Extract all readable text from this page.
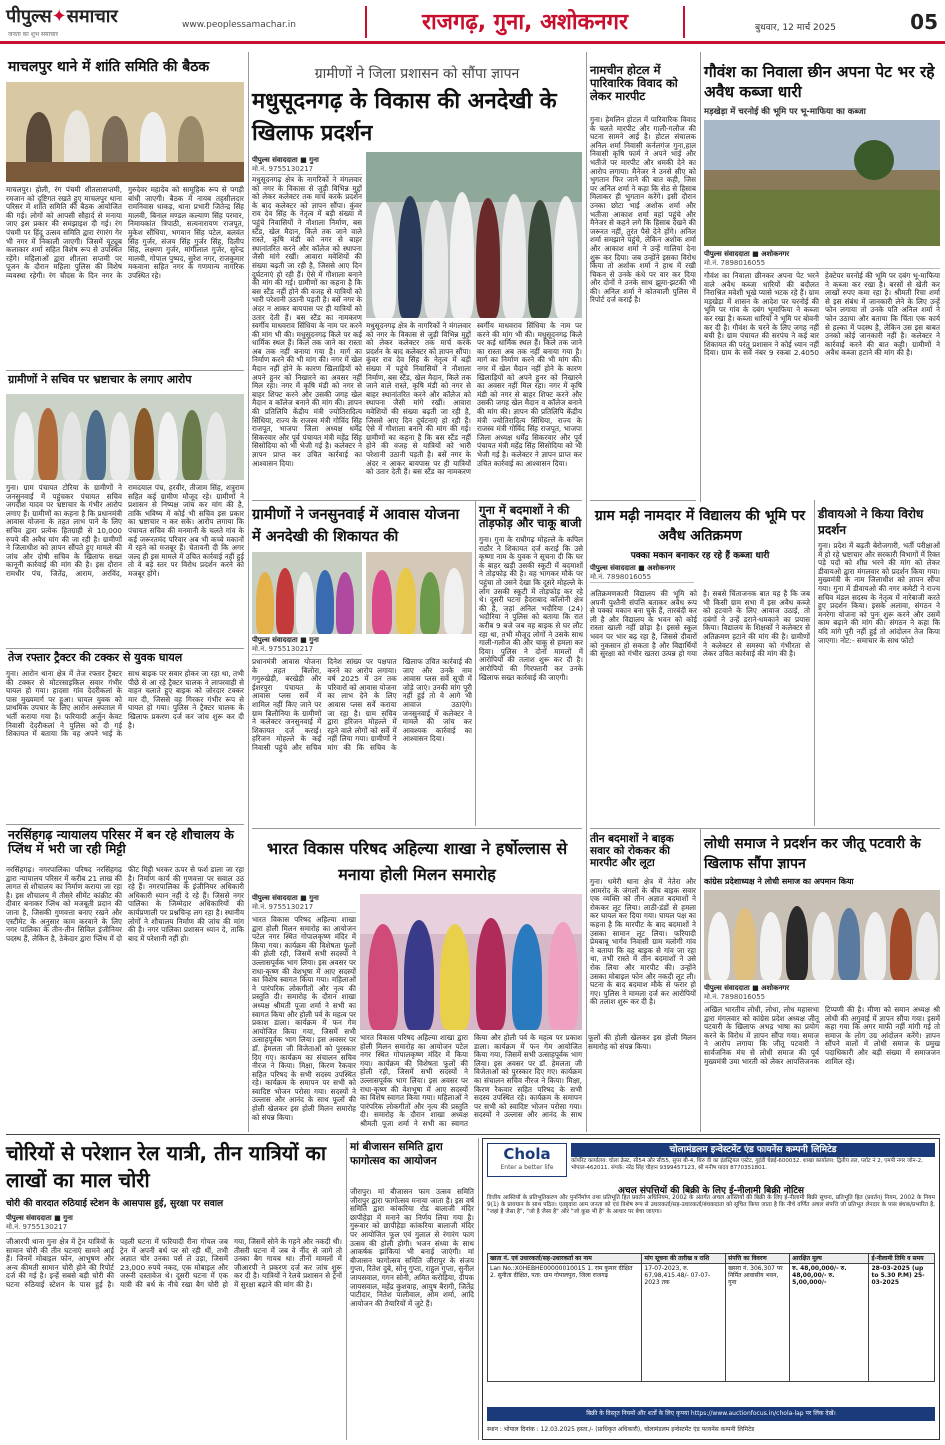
पीपुल्स✦समाचार
जनता का शुभ समाचार
www.peoplessamachar.in	राजगढ़, गुना, अशोकनगर	बुधवार, 12 मार्च 2025	05
माचलपुर थाने में शांति समिति की बैठक
माचलपुर। होली, रंग पंचमी शीतलासप्तमी, रमजान को दृष्टिगत रखते हुए माचलपुर थाना परिसर में शांति समिति की बैठक आयोजित की गई। लोगों को आपसी सौहार्द से मनाया जाए इस प्रकार की समझाइश दी गई। रंग पंचमी पर हिंदू उत्सव समिति द्वारा रंगारंग गेर भी नगर में निकाली जाएगी। जिसमें यूट्यूब कलाकार शर्मा सहित विशेष रूप से उपस्थित रहेंगे। महिलाओं द्वारा शीतला सप्तमी पर पूजन के दौरान महिला पुलिस की विशेष व्यवस्था रहेगी। रंग चौदस के दिन नगर के गुरुदेवर महादेव को सामूहिक रूप से पगड़ी बांधी जाएगी। बैठक में नायब तहसीलदार रामनिवास धाकड़, थाना प्रभारी जितेन्द्र सिंह मालवी, बिनाल मण्डल कल्याण सिंह परमार, निमायकांत त्रिपाठी, सत्यनारायण राजपूत, मुकेश सौंधिया, भगवान सिंह पटेल, बलवंत सिंह गुर्जर, संजय सिंह गुर्जर सिंह, दिलीप सिंह, लक्ष्मण गुर्जर, मांगीलाल गुर्जर, सुरेन्द्र मालवी, गोपाल पुष्पद, सुरेश नगर, राजकुमार मकवाना सहित नगर के गणमान्य नागरिक उपस्थित रहे।
ग्रामीणों ने सचिव पर भ्रष्टाचार के लगाए आरोप
गुना। ग्राम पंचायत टोरिया के ग्रामीणों ने जनसुनवाई में पहुंचकर पंचायत सचिव जगदीश यादव पर भ्रष्टाचार के गंभीर आरोप लगाए हैं। ग्रामीणों का कहना है कि प्रधानमंत्री आवास योजना के तहत लाभ पाने के लिए सचिव द्वारा प्रत्येक हितग्राही से 10,000 रुपये की अवैध मांग की जा रही है। ग्रामीणों ने जिलाधीश को ज्ञापन सौंपते हुए मामले की जांच और दोषी सचिव के खिलाफ सख्त कानूनी कार्रवाई की मांग की है। इस दौरान रामधीर पंच, जितेंद्र, आराम, अरविंद, रामदयाल पंच, हरवीर, तीजाम सिंह, शत्रुराम सहित कई ग्रामीण मौजूद रहे। ग्रामीणों ने प्रशासन से निष्पक्ष जांच कर मांग की है, ताकि भविष्य में कोई भी सचिव इस प्रकार का भ्रष्टाचार न कर सके। आरोप लगाया कि पंचायत सचिव की मनमानी के चलते गांव के कई जरूरतमंद परिवार अब भी कच्चे मकानों में रहने को मजबूर हैं। चेतावनी दी कि अगर जल्द ही इस मामले में उचित कार्रवाई नहीं हुई तो वे बड़े स्तर पर विरोध प्रदर्शन करने को मजबूर होंगे।
तेज रफ्तार ट्रैक्टर की टक्कर से युवक घायल
गुना। आरोन थाना क्षेत्र में तेज रफ्तार ट्रैक्टर की टक्कर से मोटरसाइकिल सवार गंभीर घायल हो गया। हादसा गांव देदरीकलां के पास मुख्यमार्ग पर हुआ। घायल युवक को प्राथमिक उपचार के लिए आरोन अस्पताल में भर्ती कराया गया है। फरियादी अर्जुन केवट निवासी देदरीकलां ने पुलिस को दी गई शिकायत में बताया कि वह अपने भाई के साथ बाइक पर सवार होकर जा रहा था, तभी पीछे से आ रहे ट्रैक्टर चालक ने लापरवाही से वाहन चलाते हुए बाइक को जोरदार टक्कर मार दी, जिससे वह गिरकर गंभीर रूप से घायल हो गया। पुलिस ने ट्रैक्टर चालक के खिलाफ प्रकरण दर्ज कर जांच शुरू कर दी है।
नरसिंहगढ़ न्यायालय परिसर में बन रहे शौचालय के प्लिंथ में भरी जा रही मिट्टी
नरसिंहगढ़। नगरपालिका परिषद नरसिंहगढ़ द्वारा न्यायालय परिसर में करीब 21 लाख की लागत से शौचालय का निर्माण कराया जा रहा है। इस शौचालय में तीसरे सीमेंट कांक्रीट की दीवार बनाकर प्लिंथ को मजबूती प्रदान की जाना है, जिसकी गुणवत्ता बनाए रखने और एस्टीमेट के अनुसार काम करवाने के लिए नगर पालिका के तीन-तीन सिविल इंजीनियर पदस्थ हैं, लेकिन है, ठेकेदार द्वारा प्लिंथ में दो फीट मिट्टी भरकर ऊपर से फर्श डाला जा रहा है। निर्माण कार्य की गुणवत्ता पर सवाल उठ रहे हैं। नगरपालिका के इंजीनियर अधिकारी अधिकारी ध्यान नहीं दे रहे हैं। जिससे नगर पालिका के जिम्मेदार अधिकारियों की कार्यप्रणाली पर प्रश्नचिन्ह लग रहा है। स्थानीय लोगों ने शौचालय निर्माण की जांच की मांग की है। नगर पालिका प्रशासन ध्यान दे, ताकि बाद में परेशानी नहीं हो।
ग्रामीणों ने जिला प्रशासन को सौंपा ज्ञापन
मधुसूदनगढ़ के विकास की अनदेखी के खिलाफ प्रदर्शन
पीपुल्स संवाददाता ■ गुना
मो.नं. 9755130217
मधुसूदनगढ़ क्षेत्र के नागरिकों ने मंगलवार को नगर के विकास से जुड़ी विभिन्न मुद्दों को लेकर कलेक्टर तक मार्च करके प्रदर्शन के बाद कलेक्टर को ज्ञापन सौंपा। कुंवर राव देव सिंह के नेतृत्व में बड़ी संख्या में पहुंचे निवासियों ने नौशाला निर्माण, बस स्टैंड, खेल मैदान, किले तक जाने वाले रास्ते, कृषि मंडी को नगर से बाहर स्थानांतरित करने और कॉलेज को स्थापना जैसी मांगे रखीं। आवारा मवेशियों की संख्या बढ़ती जा रही है, जिससे आए दिन दुर्घटनाएं हो रही हैं। ऐसे में गौशाला बनाने की मांग की गई। ग्रामीणों का कहना है कि बस स्टैंड नहीं होने की वजह से यात्रियों को भारी परेशानी उठानी पड़ती है। बसें नगर के अंदर न आकर बायपास पर ही यात्रियों को उतार देती हैं। बस स्टैंड का नामकरण स्वर्गीय माधवराव सिंधिया के नाम पर करने की मांग भी की। मधुसूदनगढ़ किले पर कई धार्मिक स्थल हैं। किले तक जाने का रास्ता अब तक नहीं बनाया गया है। मार्ग का निर्माण करने की भी मांग की। नगर में खेल मैदान नहीं होने के कारण खिलाड़ियों को अपने हुनर को निखारने का अवसर नहीं मिल रहा। नगर में कृषि मंडी को नगर से बाहर शिफ्ट करने और उसकी जगह खेल मैदान व कॉलेज बनाने की मांग की। ज्ञापन की प्रतिलिपि केंद्रीय मंत्री ज्योतिरादित्य सिंधिया, राज्य के राजस्व मंत्री गोविंद सिंह राजपूत, भाजपा जिला अध्यक्ष धर्मेंद्र सिकरवार और पूर्व पंचायत मंत्री महेंद्र सिंह सिसोदिया को भी भेजी गई है। कलेक्टर ने ज्ञापन प्राप्त कर उचित कार्रवाई का आश्वासन दिया।
मधुसूदनगढ़ क्षेत्र के नागरिकों ने मंगलवार को नगर के विकास से जुड़ी विभिन्न मुद्दों को लेकर कलेक्टर तक मार्च करके प्रदर्शन के बाद कलेक्टर को ज्ञापन सौंपा। कुंवर राव देव सिंह के नेतृत्व में बड़ी संख्या में पहुंचे निवासियों ने नौशाला निर्माण, बस स्टैंड, खेल मैदान, किले तक जाने वाले रास्ते, कृषि मंडी को नगर से बाहर स्थानांतरित करने और कॉलेज को स्थापना जैसी मांगे रखीं। आवारा मवेशियों की संख्या बढ़ती जा रही है, जिससे आए दिन दुर्घटनाएं हो रही हैं। ऐसे में गौशाला बनाने की मांग की गई। ग्रामीणों का कहना है कि बस स्टैंड नहीं होने की वजह से यात्रियों को भारी परेशानी उठानी पड़ती है। बसें नगर के अंदर न आकर बायपास पर ही यात्रियों को उतार देती हैं। बस स्टैंड का नामकरण स्वर्गीय माधवराव सिंधिया के नाम पर करने की मांग भी की। मधुसूदनगढ़ किले पर कई धार्मिक स्थल हैं। किले तक जाने का रास्ता अब तक नहीं बनाया गया है। मार्ग का निर्माण करने की भी मांग की। नगर में खेल मैदान नहीं होने के कारण खिलाड़ियों को अपने हुनर को निखारने का अवसर नहीं मिल रहा। नगर में कृषि मंडी को नगर से बाहर शिफ्ट करने और उसकी जगह खेल मैदान व कॉलेज बनाने की मांग की। ज्ञापन की प्रतिलिपि केंद्रीय मंत्री ज्योतिरादित्य सिंधिया, राज्य के राजस्व मंत्री गोविंद सिंह राजपूत, भाजपा जिला अध्यक्ष धर्मेंद्र सिकरवार और पूर्व पंचायत मंत्री महेंद्र सिंह सिसोदिया को भी भेजी गई है। कलेक्टर ने ज्ञापन प्राप्त कर उचित कार्रवाई का आश्वासन दिया।
ग्रामीणों ने जनसुनवाई में आवास योजना में अनदेखी की शिकायत की
पीपुल्स संवाददाता ■ गुना
मो.नं. 9755130217
प्रधानमंत्री आवास योजना के तहत बिलोरा, गगुरुखेड़ी, बरखेड़ी और ईशरपुरा पंचायत के आवास प्लस सर्वे में शामिल नहीं किए जाने पर ग्राम बिलौनिया के ग्रामीणों ने कलेक्टर जनसुनवाई में शिकायत दर्ज कराई। हरिजन मोहल्ले के कई निवासी पहुंचे और सचिव दिनेश सांख्य पर पक्षपात करने का आरोप लगाया। वर्ष 2025 में उन तक परिवारों को आवास योजना का लाभ देने के लिए आवास प्लस सर्वे कराया जा रहा है। ग्राम सचिव द्वारा हरिजन मोहल्ले में रहने वाले लोगों को सर्वे में नहीं लिया गया। ग्रामीणों ने मांग की कि सचिव के खिलाफ उचित कार्रवाई की जाए और उनके नाम आवास प्लस सर्वे सूची में जोड़े जाएं। उनकी मांग पूरी नहीं हुई तो वे आगे भी आवाज उठाएंगे। जनसुनवाई में कलेक्टर ने मामले की जांच कर आवश्यक कार्रवाई का आश्वासन दिया।
गुना में बदमाशों ने की तोड़फोड़ और चाकू बाजी
गुना। गुना के राघौगढ़ मोहल्ले के कपिल राठौर ने शिकायत दर्ज कराई कि उसे कृष्णा नाम के युवक ने सूचना दी कि घर के बाहर खड़ी उसकी स्कूटी में बदमाशों ने तोड़फोड़ की है। वह भागकर मौके पर पहुंचा तो उसने देखा कि दूसरे मोहल्ले के लोग उसकी स्कूटी में तोड़फोड़ कर रहे थे। दूसरी घटना हैदराबाद कॉलोनी क्षेत्र की है, जहां अनिल भदौरिया (24) भदौरिया ने पुलिस को बताया कि रात करीब 9 बजे जब वह बाइक से घर लौट रहा था, तभी मौजूद लोगों ने उसके साथ गाली-गलौज की और चाकू से हमला कर दिया। पुलिस ने दोनों मामलों में आरोपियों की तलाश शुरू कर दी है। आरोपियों की गिरफ्तारी कर उनके खिलाफ सख्त कार्रवाई की जाएगी।
भारत विकास परिषद अहिल्या शाखा ने हर्षोल्लास से मनाया होली मिलन समारोह
पीपुल्स संवाददाता ■ गुना
मो.नं. 9755130217
भारत विकास परिषद अहिल्या शाखा द्वारा होली मिलन समारोह का आयोजन पटेल नगर स्थित गोपालकृष्ण मंदिर में किया गया। कार्यक्रम की विशेषता फूलों की होली रही, जिसमें सभी सदस्यों ने उल्लासपूर्वक भाग लिया। इस अवसर पर राधा-कृष्ण की वेशभूषा में आए सदस्यों का विशेष स्वागत किया गया। महिलाओं ने पारंपरिक लोकगीतों और नृत्य की प्रस्तुति दी। समारोह के दौरान शाखा अध्यक्ष श्रीमती पूजा शर्मा ने सभी का स्वागत किया और होली पर्व के महत्व पर प्रकाश डाला। कार्यक्रम में फन गेम आयोजित किया गया, जिसमें सभी उत्साहपूर्वक भाग लिया। इस अवसर पर डॉ. हेमलता जी विजेताओं को पुरस्कार दिए गए। कार्यक्रम का संचालन सचिव नीरज ने किया। मिक्षा, किरण रैकवार सहित परिषद के सभी सदस्य उपस्थित रहे। कार्यक्रम के समापन पर सभी को स्वादिष्ट भोजन परोसा गया। सदस्यों ने उल्लास और आनंद के साथ फूलों की होली खेलकर इस होली मिलन समारोह को संपन्न किया।
भारत विकास परिषद अहिल्या शाखा द्वारा होली मिलन समारोह का आयोजन पटेल नगर स्थित गोपालकृष्ण मंदिर में किया गया। कार्यक्रम की विशेषता फूलों की होली रही, जिसमें सभी सदस्यों ने उल्लासपूर्वक भाग लिया। इस अवसर पर राधा-कृष्ण की वेशभूषा में आए सदस्यों का विशेष स्वागत किया गया। महिलाओं ने पारंपरिक लोकगीतों और नृत्य की प्रस्तुति दी। समारोह के दौरान शाखा अध्यक्ष श्रीमती पूजा शर्मा ने सभी का स्वागत किया और होली पर्व के महत्व पर प्रकाश डाला। कार्यक्रम में फन गेम आयोजित किया गया, जिसमें सभी उत्साहपूर्वक भाग लिया। इस अवसर पर डॉ. हेमलता जी विजेताओं को पुरस्कार दिए गए। कार्यक्रम का संचालन सचिव नीरज ने किया। मिक्षा, किरण रैकवार सहित परिषद के सभी सदस्य उपस्थित रहे। कार्यक्रम के समापन पर सभी को स्वादिष्ट भोजन परोसा गया। सदस्यों ने उल्लास और आनंद के साथ फूलों की होली खेलकर इस होली मिलन समारोह को संपन्न किया।
नामचीन होटल में पारिवारिक विवाद को लेकर मारपीट
गुना। हेमलिन होटल में पारिवारिक विवाद के चलते मारपीट और गाली-गलौज की घटना सामने आई है। होटल संचालक अनिल शर्मा निवासी कर्नलगंज गुना,हाल निवासी कृषि फार्म ने अपने भाई और भतीजे पर मारपीट और धमकी देने का आरोप लगाया। मैनेजर ने उनसे सीए को भुगतान फिर जाने की बात कही, जिस पर अनिल शर्मा ने कहा कि सेठ से हिसाब मिलाकर ही भुगतान करेंगे। इसी दौरान उनका छोटा भाई अशोक शर्मा और भतीजा आकाश शर्मा वहां पहुंचे और मैनेजर से कहने लगे कि हिसाब देखने की जरूरत नहीं, तुरंत पैसे देने होंगे। अनिल शर्मा समझाने पहुंचे, लेकिन अशोक शर्मा और आकाश शर्मा ने उन्हें गालियां देना शुरू कर दिया। जब उन्होंने इसका विरोध किया तो अशोक शर्मा ने हाथ में रखी चिकन से उनके कंधे पर वार कर दिया और दोनों ने उनके साथ झूमा-झटकी भी की। अनिल शर्मा ने कोतवाली पुलिस में रिपोर्ट दर्ज कराई है।
गौवंश का निवाला छीन अपना पेट भर रहे अवैध कब्जा धारी
मड़खेड़ा में चरनोई की भूमि पर भू-माफिया का कब्जा
पीपुल्स संवाददाता ■ अशोकनगर
मो.नं. 7898016055
गौवंश का निवाला छीनकर अपना पेट भरने वाले अवैध कब्जा धारियों की बदौलत निराश्रित मवेशी भूखे प्यासे भटक रहे हैं। ग्राम मड़खेड़ा में शासन के आदेश पर चरनोई की भूमि पर गांव के दबंग भूमाफिया ने कब्जा कर रखा है। कब्जा धारियों ने भूमि पर बोवनी कर दी है। गौवंश के चरने के लिए जगह नहीं बची है। ग्राम पंचायत की सरपंच ने कई बार शिकायत की परंतु प्रशासन ने कोई ध्यान नहीं दिया। ग्राम के सर्वे नंबर 9 रकबा 2.4050 हेक्टेयर चरनोई की भूमि पर दबंग भू-माफिया ने कब्जा कर रखा है। बरसों से खेती कर लाखों रुपए कमा रहा है। श्रीमती रिचा शर्मा से इस संबंध में जानकारी लेने के लिए उन्हें फोन लगाया तो उनके पति अनिल शर्मा ने फोन उठाया और बताया कि चिंता एक कार्य से हल्का में पदस्थ है, लेकिन उस इस बाबत उनको कोई जानकारी नहीं है। कलेक्टर ने कार्रवाई करने की बात कही। ग्रामीणों ने अवैध कब्जा हटाने की मांग की है।
ग्राम मढ़ी नामदार में विद्यालय की भूमि पर अवैध अतिक्रमण
पक्का मकान बनाकर रह रहे हैं कब्जा धारी
पीपुल्स संवाददाता ■ अशोकनगर
मो.नं. 7898016055
अतिक्रमणकारी विद्यालय की भूमि को अपनी पुश्तैनी संपत्ति बताकर अवैध रूप से पक्का मकान बना चुके हैं, तारबंदी कर ली है और विद्यालय के भवन को कोई रास्ता खाली नहीं छोड़ा है। इससे स्कूल भवन पर भार बढ़ रहा है, जिससे दीवारों को नुकसान हो सकता है और विद्यार्थियों की सुरक्षा को गंभीर खतरा उत्पन्न हो गया है। सबसे चिंताजनक बात यह है कि जब भी किसी ग्राम सभा में इस अवैध कब्जे को हटवाने के लिए आवाज उठाई, तो दबंगों ने उन्हें डराने-धमकाने का प्रयास किया। विद्यालय के शिक्षकों ने कलेक्टर से अतिक्रमण हटाने की मांग की है। ग्रामीणों ने कलेक्टर से समस्या को गंभीरता से लेकर उचित कार्रवाई की मांग की है।
डीवायओ ने किया विरोध प्रदर्शन
गुना। प्रदेश में बढ़ती बेरोजगारी, भर्ती परीक्षाओं में हो रहे भ्रष्टाचार और सरकारी विभागों में रिक्त पड़े पदों को शीघ्र भरने की मांग को लेकर डीवायओ द्वारा मंगलवार को प्रदर्शन किया गया। मुख्यमंत्री के नाम जिलाधीश को ज्ञापन सौंपा गया। गुना में डीवायओ की नगर कमेटी ने राज्य सचिव मंडल सदस्य के नेतृत्व में नारेबाजी करते हुए प्रदर्शन किया। इसके अलावा, संगठन ने मनरेगा योजना को पुनः शुरू करने और उसमें काम बढ़ाने की मांग की। संगठन ने कहा कि यदि मांगे पूरी नहीं हुई तो आंदोलन तेज किया जाएगा। नोट:- समाचार के साथ फोटो
तीन बदमाशों ने बाइक सवार को रोककर की मारपीट और लूटा
गुना। धमेरी थाना क्षेत्र में नेतेरा और आमरोद के जंगलों के बीच बाइक सवार एक व्यक्ति को तीन अज्ञात बदमाशों ने रोककर लूट लिया। लाठी-डंडों से हमला कर घायल कर दिया गया। घायल पक्ष का कहना है कि मारपीट के बाद बदमाशों ने उसका सामान लूट लिया। फरियादी प्रेमबाबू भार्गव निवासी ग्राम मलोगी गांव ने बताया कि वह बाइक से गांव जा रहा था, तभी रास्ते में तीन बदमाशों ने उसे रोक लिया और मारपीट की। उन्होंने उसका मोबाइल फोन और नकदी लूट ली। घटना के बाद बदमाश मौके से फरार हो गए। पुलिस ने मामला दर्ज कर आरोपियों की तलाश शुरू कर दी है।
लोधी समाज ने प्रदर्शन कर जीतू पटवारी के खिलाफ सौंपा ज्ञापन
कांग्रेस प्रदेशाध्यक्ष ने लोधी समाज का अपमान किया
पीपुल्स संवाददाता ■ अशोकनगर
मो.नं. 7898016055
अखिल भारतीय लोधी, लोधा, लोध महासभा द्वारा मंगलवार को कांग्रेस प्रदेश अध्यक्ष जीतू पटवारी के खिलाफ अभद्र भाषा का प्रयोग करने के विरोध में ज्ञापन सौंपा गया। समाज ने आरोप लगाया कि जीतू पटवारी ने सार्वजनिक मंच से लोधी समाज की पूर्व मुख्यमंत्री उमा भारती को लेकर आपत्तिजनक टिप्पणी की है। मीणा को समान अध्यक्ष श्री लोधी की अगुवाई में ज्ञापन सौंपा गया। इसमें कहा गया कि अगर माफी नहीं मांगी गई तो समाज के लोग उग्र आंदोलन करेंगे। ज्ञापन सौंपने वालों में लोधी समाज के प्रमुख पदाधिकारी और बड़ी संख्या में समाजजन शामिल रहे।
चोरियों से परेशान रेल यात्री, तीन यात्रियों का लाखों का माल चोरी
चोरी की वारदात रुठियाई स्टेशन के आसपास हुई, सुरक्षा पर सवाल
पीपुल्स संवाददाता ■ गुना
मो.नं. 9755130217
जीआरपी थाना गुना क्षेत्र में ट्रेन यात्रियों के सामान चोरी की तीन घटनाएं सामने आई हैं। जिनमें मोबाइल फोन, आभूषण और अन्य कीमती सामान चोरी होने की रिपोर्ट दर्ज की गई है। इन्हें सबसे बड़ी चोरी की घटना रुठियाई स्टेशन के पास हुई है। पहली घटना में फरियादी रीना गोयल जब ट्रेन में अपनी बर्थ पर सो रही थीं, तभी अज्ञात चोर उनका पर्स ले उड़ा, जिसमें 23,000 रुपये नकद, एक मोबाइल और जरूरी दस्तावेज थे। दूसरी घटना में एक यात्री की बर्थ के नीचे रखा बैग चोरी हो गया, जिसमें सोने के गहने और नकदी थी। तीसरी घटना में जब वे नींद से जागे तो उनका बैग गायब था। तीनों मामलों में जीआरपी ने प्रकरण दर्ज कर जांच शुरू कर दी है। यात्रियों ने रेलवे प्रशासन से ट्रेनों में सुरक्षा बढ़ाने की मांग की है।
मां बीजासन समिति द्वारा फागोत्सव का आयोजन
जीरापुर। मां बीजासन फाग उत्सव समिति जीरापुर द्वारा फागोत्सव मनाया जाता है। इस वर्ष समिति द्वारा कांकरिया रोड बालाजी मंदिर छापीहेड़ा में मनाने का निर्णय लिया गया है। गुरूवार को छापीहेड़ा कांकरिया बालाजी मंदिर पर आयोजित फूल एवं गुलाल से रंगारंग फाग उत्सव की होली होगी। भजन संध्या के साथ आकर्षक झांकियां भी बनाई जाएंगी। मां बीजासन फागोत्सव समिति जीरापुर के संजय गुप्ता, रितेश दुबे, सोनू गुप्ता, राहुल गुप्ता, सुनील जायसवाल, गगन सोनी, अमित करोड़िया, दीपक जायसवाल, महेंद्र कुशवाह, आयुष बैरागी, जितेंद्र पाटीदार, नितेश पालीवाल, ओम शर्मा, आदि आयोजन की तैयारियों में जुटे हैं।
Chola
Enter a better life
चोलामंडलम इन्वेस्टमेंट एंड फायनेंस कम्पनी लिमिटेड
कॉर्पोरेट कार्यालय: चोला क्रेस्ट, सी54 और सी55, सुपर बी-4, थिरु वी का इंडस्ट्रियल एस्टेट, गुइंडी चेन्नई-600032. शाखा कार्यालय: द्वितीय तल, प्लॉट नं 2, एमपी नगर जोन-2, भोपाल-462011. संपर्क: नरेंद्र सिंह चौहान 9399457123, श्री मनीष यादव 8770351801.
अचल संपत्तियों की बिक्री के लिए ई-नीलामी बिक्री नोटिस
वित्तीय आस्तियों के प्रतिभूतिकरण और पुनर्निर्माण तथा प्रतिभूति हित प्रवर्तन अधिनियम, 2002 के अंतर्गत अचल आस्तियों की बिक्री के लिए ई-नीलामी बिक्री सूचना, प्रतिभूति हित (प्रवर्तन) नियम, 2002 के नियम 9(1) के प्रावधान के साथ पठित। एतद्द्वारा आम जनता को एवं विशेष रूप से उधारकर्ता/सह-उधारकर्ता/बंधकदाता को सूचित किया जाता है कि नीचे वर्णित अचल संपत्ति जो प्रतिभूत लेनदार के पास बंधक/प्रभारित है, "जहां है जैसा है", "जो है जैसा है" और "जो कुछ भी है" के आधार पर बेचा जाएगा।
खाता नं. एवं उधारकर्ता/सह-उधारकर्ता का नाम	मांग सूचना की तारीख व राशि	संपत्ति का विवरण	आरक्षित मूल्य	ई-नीलामी तिथि व समय
Lan No.:X0HEBHE00000010015 1. राम कुमार दीक्षित 2. सुनीता दीक्षित, पता: ग्राम गोपालपुरा, जिला राजगढ़	17-07-2023, रु. 67,98,415.48/- 07-07-2023 तक	खसरा नं. 306,307 पर निर्मित आवासीय भवन, गुना	रु. 48,00,000/- रु. 48,00,00/- रु. 5,00,000/-	28-03-2025 (up to 5.30 P.M) 25-03-2025
बिक्री के विस्तृत नियमों और शर्तों के लिए कृपया https://www.auctionfocus.in/chola-lap पर लिंक देखें।
स्थान : भोपाल दिनांक : 12.03.2025 हस्ता./- (प्राधिकृत अधिकारी), चोलामंडलम इन्वेस्टमेंट एंड फायनेंस कम्पनी लिमिटेड
